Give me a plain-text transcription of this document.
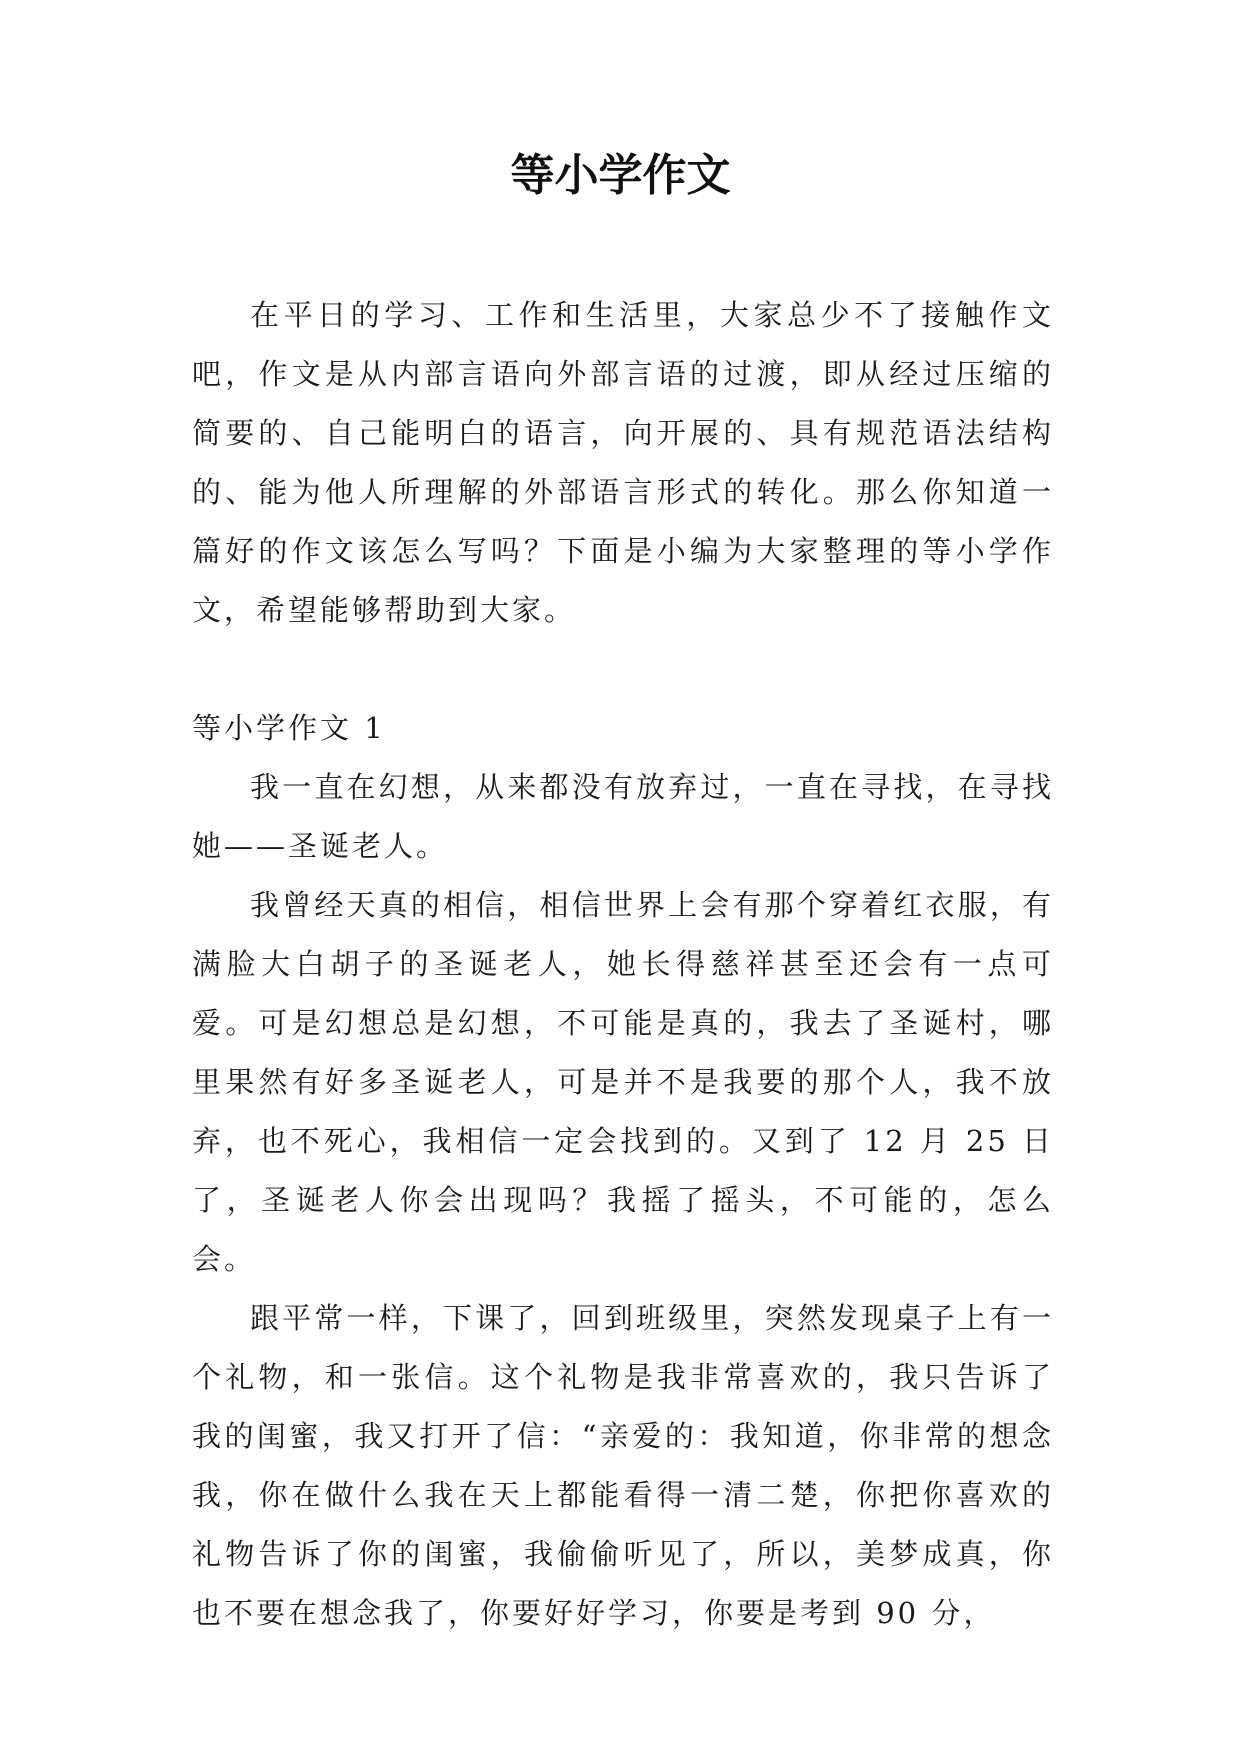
等小学作文

在平日的学习、工作和生活里，大家总少不了接触作文吧，作文是从内部言语向外部言语的过渡，即从经过压缩的简要的、自己能明白的语言，向开展的、具有规范语法结构的、能为他人所理解的外部语言形式的转化。那么你知道一篇好的作文该怎么写吗？下面是小编为大家整理的等小学作文，希望能够帮助到大家。

等小学作文 1

我一直在幻想，从来都没有放弃过，一直在寻找，在寻找她——圣诞老人。

我曾经天真的相信，相信世界上会有那个穿着红衣服，有满脸大白胡子的圣诞老人，她长得慈祥甚至还会有一点可爱。可是幻想总是幻想，不可能是真的，我去了圣诞村，哪里果然有好多圣诞老人，可是并不是我要的那个人，我不放弃，也不死心，我相信一定会找到的。又到了 12 月 25 日了，圣诞老人你会出现吗？我摇了摇头，不可能的，怎么会。

跟平常一样，下课了，回到班级里，突然发现桌子上有一个礼物，和一张信。这个礼物是我非常喜欢的，我只告诉了我的闺蜜，我又打开了信：“亲爱的：我知道，你非常的想念我，你在做什么我在天上都能看得一清二楚，你把你喜欢的礼物告诉了你的闺蜜，我偷偷听见了，所以，美梦成真，你也不要在想念我了，你要好好学习，你要是考到 90 分，
